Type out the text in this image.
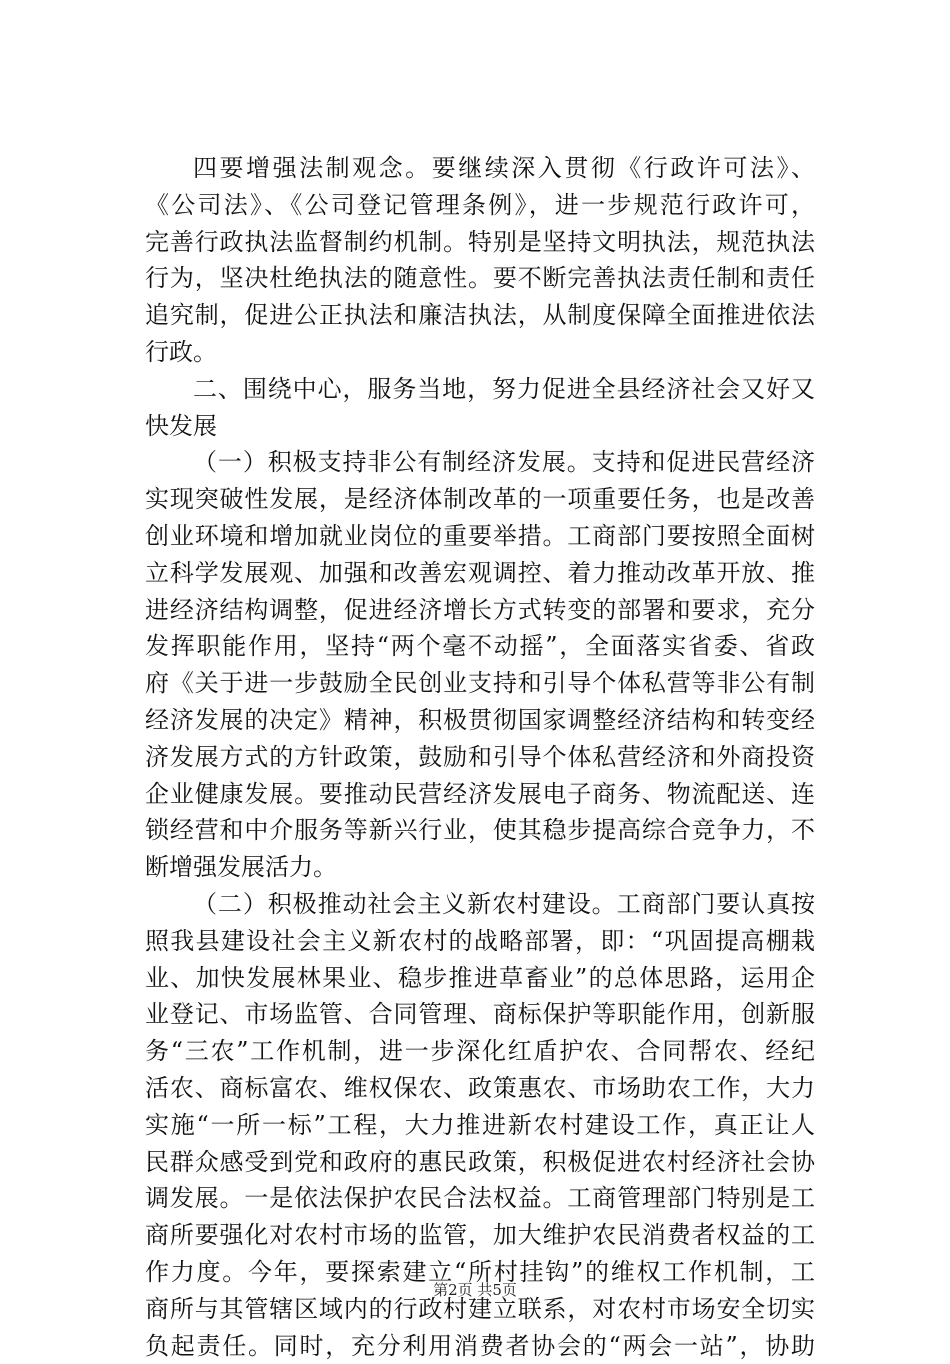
四要增强法制观念。要继续深入贯彻《行政许可法》、
《公司法》、《公司登记管理条例》，进一步规范行政许可，
完善行政执法监督制约机制。特别是坚持文明执法，规范执法
行为，坚决杜绝执法的随意性。要不断完善执法责任制和责任
追究制，促进公正执法和廉洁执法，从制度保障全面推进依法
行政。
二、围绕中心，服务当地，努力促进全县经济社会又好又
快发展
（一）积极支持非公有制经济发展。支持和促进民营经济
实现突破性发展，是经济体制改革的一项重要任务，也是改善
创业环境和增加就业岗位的重要举措。工商部门要按照全面树
立科学发展观、加强和改善宏观调控、着力推动改革开放、推
进经济结构调整，促进经济增长方式转变的部署和要求，充分
发挥职能作用，坚持“两个毫不动摇”，全面落实省委、省政
府《关于进一步鼓励全民创业支持和引导个体私营等非公有制
经济发展的决定》精神，积极贯彻国家调整经济结构和转变经
济发展方式的方针政策，鼓励和引导个体私营经济和外商投资
企业健康发展。要推动民营经济发展电子商务、物流配送、连
锁经营和中介服务等新兴行业，使其稳步提高综合竞争力，不
断增强发展活力。
（二）积极推动社会主义新农村建设。工商部门要认真按
照我县建设社会主义新农村的战略部署，即：“巩固提高棚栽
业、加快发展林果业、稳步推进草畜业”的总体思路，运用企
业登记、市场监管、合同管理、商标保护等职能作用，创新服
务“三农”工作机制，进一步深化红盾护农、合同帮农、经纪
活农、商标富农、维权保农、政策惠农、市场助农工作，大力
实施“一所一标”工程，大力推进新农村建设工作，真正让人
民群众感受到党和政府的惠民政策，积极促进农村经济社会协
调发展。一是依法保护农民合法权益。工商管理部门特别是工
商所要强化对农村市场的监管，加大维护农民消费者权益的工
作力度。今年，要探索建立“所村挂钩”的维权工作机制，工
商所与其管辖区域内的行政村建立联系，对农村市场安全切实
负起责任。同时，充分利用消费者协会的“两会一站”，协助
第2页 共5页
